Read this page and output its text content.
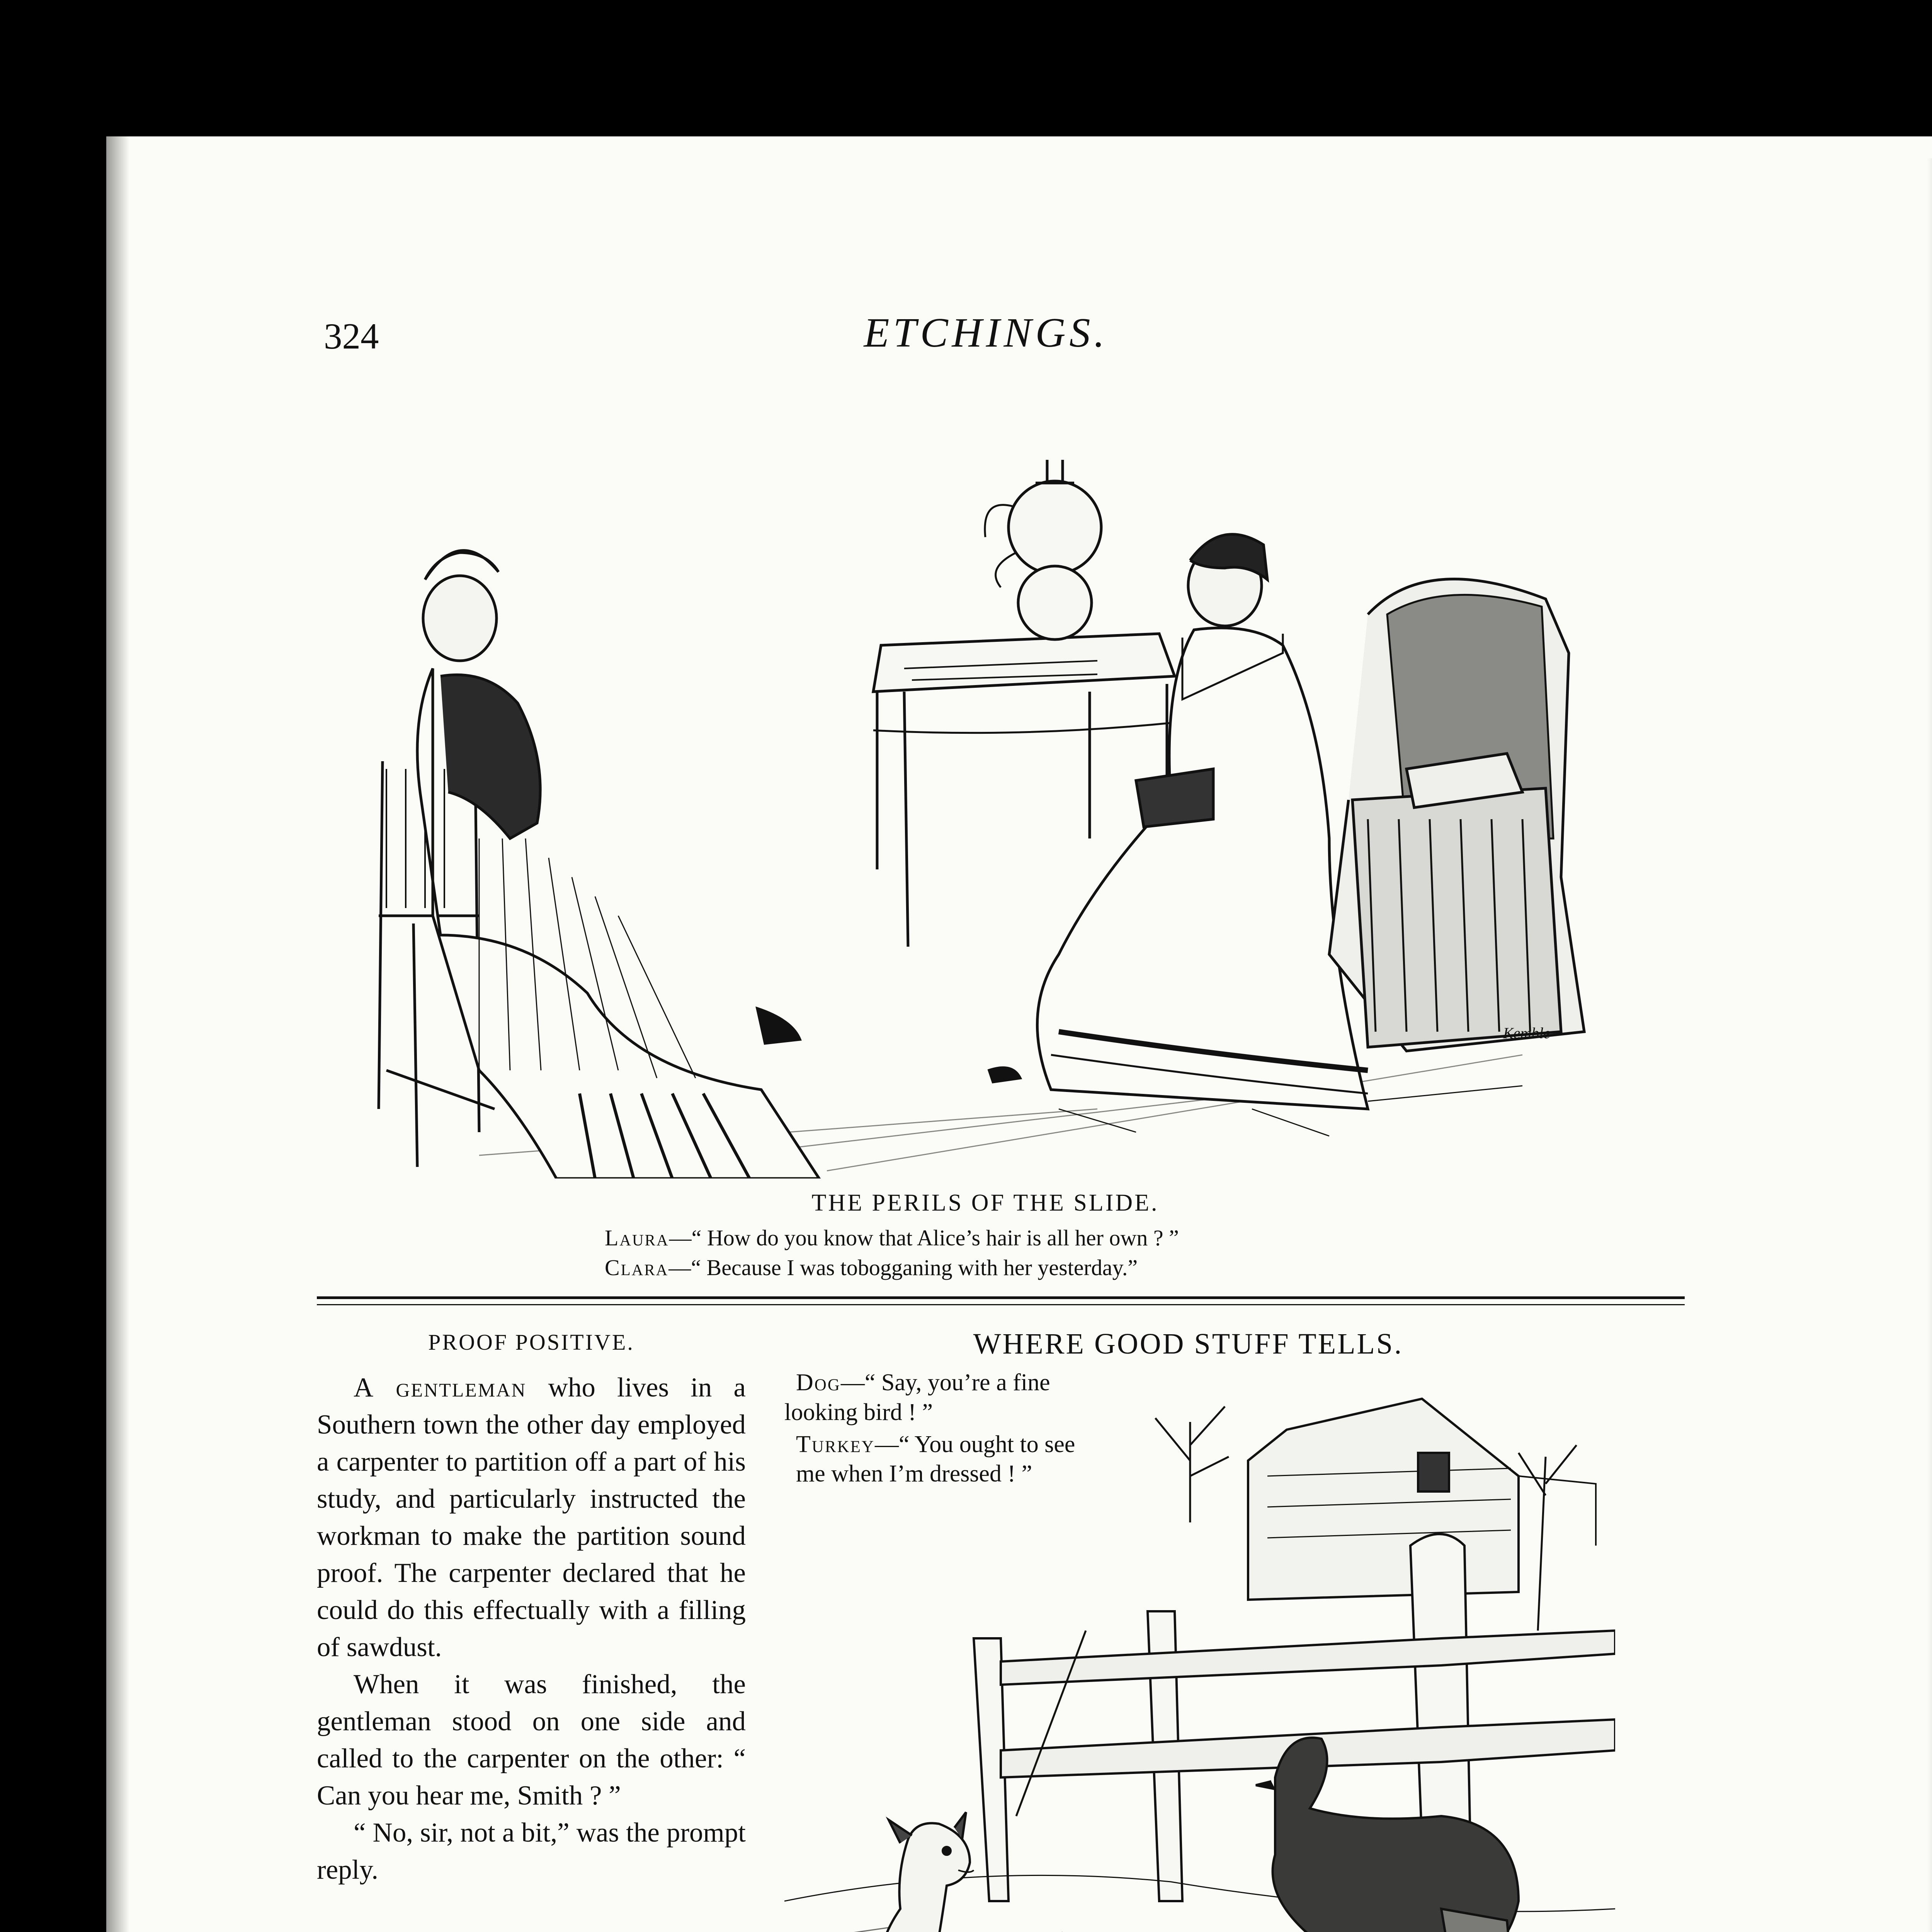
324	ETCHINGS.
Kemble
THE PERILS OF THE SLIDE.
Laura—“ How do you know that Alice’s hair is all her own ? ”
Clara—“ Because I was tobogganing with her yesterday.”
PROOF POSITIVE.

A gentleman who lives in a Southern town the other day employed a carpenter to partition off a part of his study, and particularly instructed the workman to make the partition sound proof. The carpenter declared that he could do this effectually with a filling of sawdust.

When it was finished, the gentleman stood on one side and called to the carpenter on the other: “ Can you hear me, Smith ? ”

“ No, sir, not a bit,” was the prompt reply.

WHERE GOOD STUFF TELLS.
Dog—“ Say, you’re a fine
looking bird ! ”
Turkey—“ You ought to see me when I’m dressed ! ”
